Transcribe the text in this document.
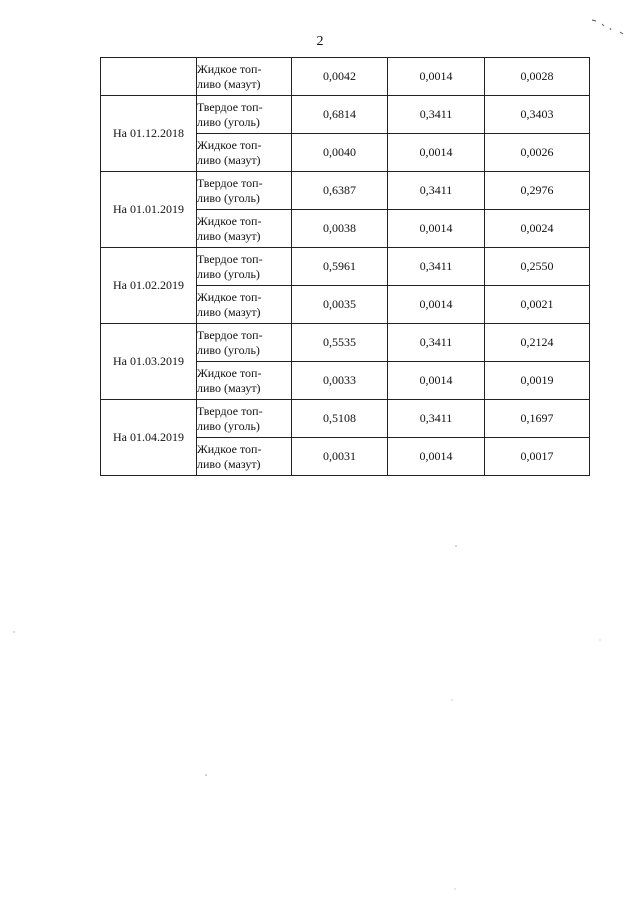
2
	Жидкое топ-
ливо (мазут)	0,0042	0,0014	0,0028
На 01.12.2018	Твердое топ-
ливо (уголь)	0,6814	0,3411	0,3403
	Жидкое топ-
ливо (мазут)	0,0040	0,0014	0,0026
На 01.01.2019	Твердое топ-
ливо (уголь)	0,6387	0,3411	0,2976
	Жидкое топ-
ливо (мазут)	0,0038	0,0014	0,0024
На 01.02.2019	Твердое топ-
ливо (уголь)	0,5961	0,3411	0,2550
	Жидкое топ-
ливо (мазут)	0,0035	0,0014	0,0021
На 01.03.2019	Твердое топ-
ливо (уголь)	0,5535	0,3411	0,2124
	Жидкое топ-
ливо (мазут)	0,0033	0,0014	0,0019
На 01.04.2019	Твердое топ-
ливо (уголь)	0,5108	0,3411	0,1697
	Жидкое топ-
ливо (мазут)	0,0031	0,0014	0,0017
